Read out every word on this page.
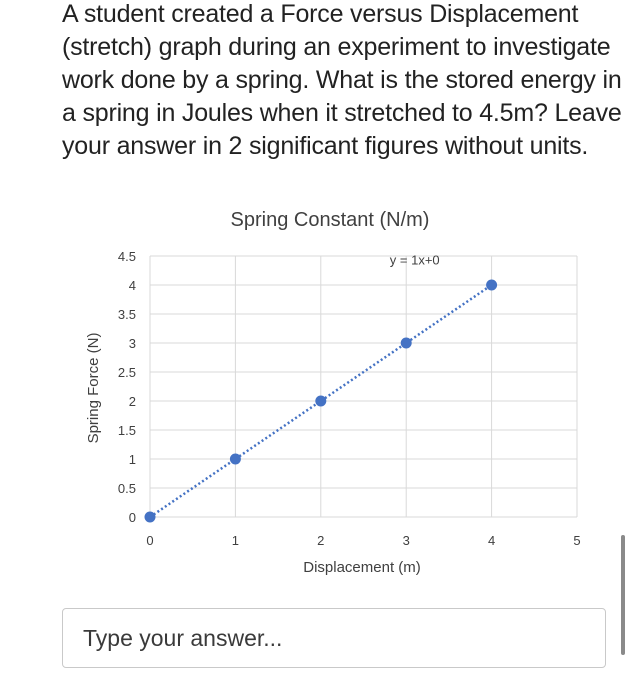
A student created a Force versus Displacement (stretch) graph during an experiment to investigate work done by a spring. What is the stored energy in a spring in Joules when it stretched to 4.5m? Leave your answer in 2 significant figures without units.
Spring Constant (N/m)
0
0.5
1
1.5
2
2.5
3
3.5
4
4.5
0	1	2	3	4	5
y = 1x+0
Displacement (m)
Spring Force (N)
Type your answer...
